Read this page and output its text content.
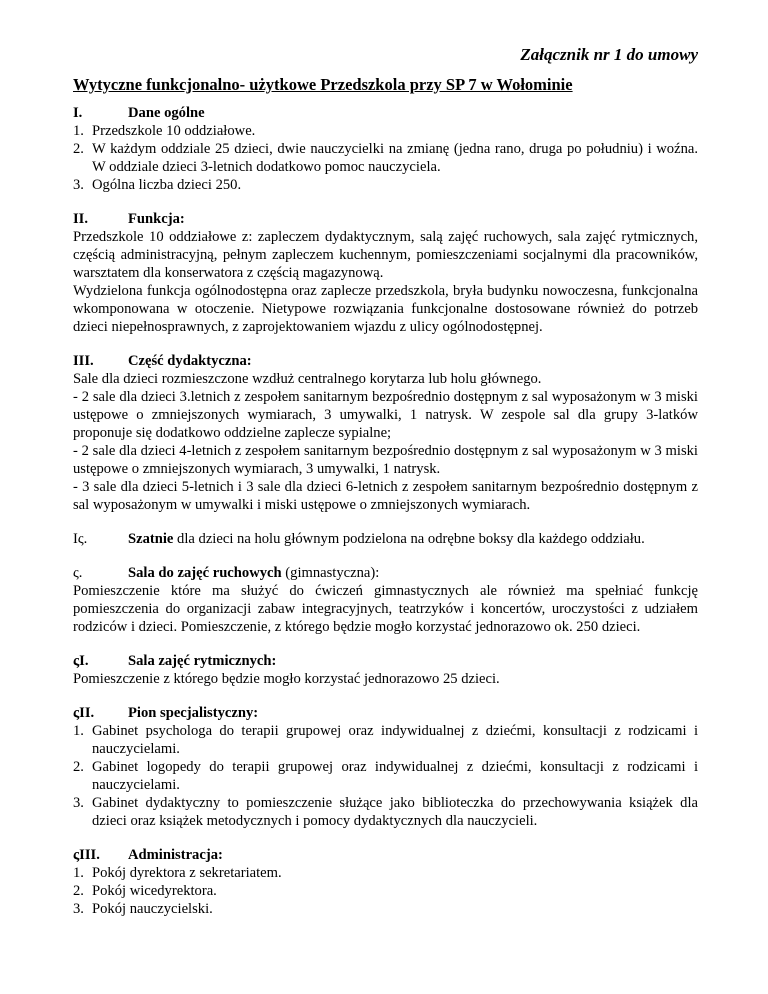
Załącznik nr 1 do umowy
Wytyczne funkcjonalno- użytkowe Przedszkola przy SP 7 w Wołominie
I.	Dane ogólne
1. Przedszkole 10 oddziałowe.
2. W każdym oddziale 25 dzieci, dwie nauczycielki na zmianę (jedna rano, druga po południu) i woźna. W oddziale dzieci 3-letnich dodatkowo pomoc nauczyciela.
3. Ogólna liczba dzieci 250.
II.	Funkcja:

Przedszkole 10 oddziałowe z: zapleczem dydaktycznym, salą zajęć ruchowych, sala zajęć rytmicznych, częścią administracyjną, pełnym zapleczem kuchennym, pomieszczeniami socjalnymi dla pracowników, warsztatem dla konserwatora z częścią magazynową.

Wydzielona funkcja ogólnodostępna oraz zaplecze przedszkola, bryła budynku nowoczesna, funkcjonalna wkomponowana w otoczenie. Nietypowe rozwiązania funkcjonalne dostosowane również do potrzeb dzieci niepełnosprawnych, z zaprojektowaniem wjazdu z ulicy ogólnodostępnej.

III.	Część dydaktyczna:

Sale dla dzieci rozmieszczone wzdłuż centralnego korytarza lub holu głównego.

- 2 sale dla dzieci 3.letnich z zespołem sanitarnym bezpośrednio dostępnym z sal wyposażonym w 3 miski ustępowe o zmniejszonych wymiarach, 3 umywalki, 1 natrysk. W zespole sal dla grupy 3-latków proponuje się dodatkowo oddzielne zaplecze sypialne;

- 2 sale dla dzieci 4-letnich z zespołem sanitarnym bezpośrednio dostępnym z sal wyposażonym w 3 miski ustępowe o zmniejszonych wymiarach, 3 umywalki, 1 natrysk.

- 3 sale dla dzieci 5-letnich i 3 sale dla dzieci 6-letnich z zespołem sanitarnym bezpośrednio dostępnym z sal wyposażonym w umywalki i miski ustępowe o zmniejszonych wymiarach.

Iς.	Szatnie dla dzieci na holu głównym podzielona na odrębne boksy dla każdego oddziału.
ς.	Sala do zajęć ruchowych (gimnastyczna):

Pomieszczenie które ma służyć do ćwiczeń gimnastycznych ale również ma spełniać funkcję pomieszczenia do organizacji zabaw integracyjnych, teatrzyków i koncertów, uroczystości z udziałem rodziców i dzieci. Pomieszczenie, z którego będzie mogło korzystać jednorazowo ok. 250 dzieci.

ςI.	Sala zajęć rytmicznych:

Pomieszczenie z którego będzie mogło korzystać jednorazowo 25 dzieci.

ςII.	Pion specjalistyczny:
1. Gabinet psychologa do terapii grupowej oraz indywidualnej z dziećmi, konsultacji z rodzicami i nauczycielami.
2. Gabinet logopedy do terapii grupowej oraz indywidualnej z dziećmi, konsultacji z rodzicami i nauczycielami.
3. Gabinet dydaktyczny to pomieszczenie służące jako biblioteczka do przechowywania książek dla dzieci oraz książek metodycznych i pomocy dydaktycznych dla nauczycieli.
ςIII.	Administracja:
1. Pokój dyrektora z sekretariatem.
2. Pokój wicedyrektora.
3. Pokój nauczycielski.
